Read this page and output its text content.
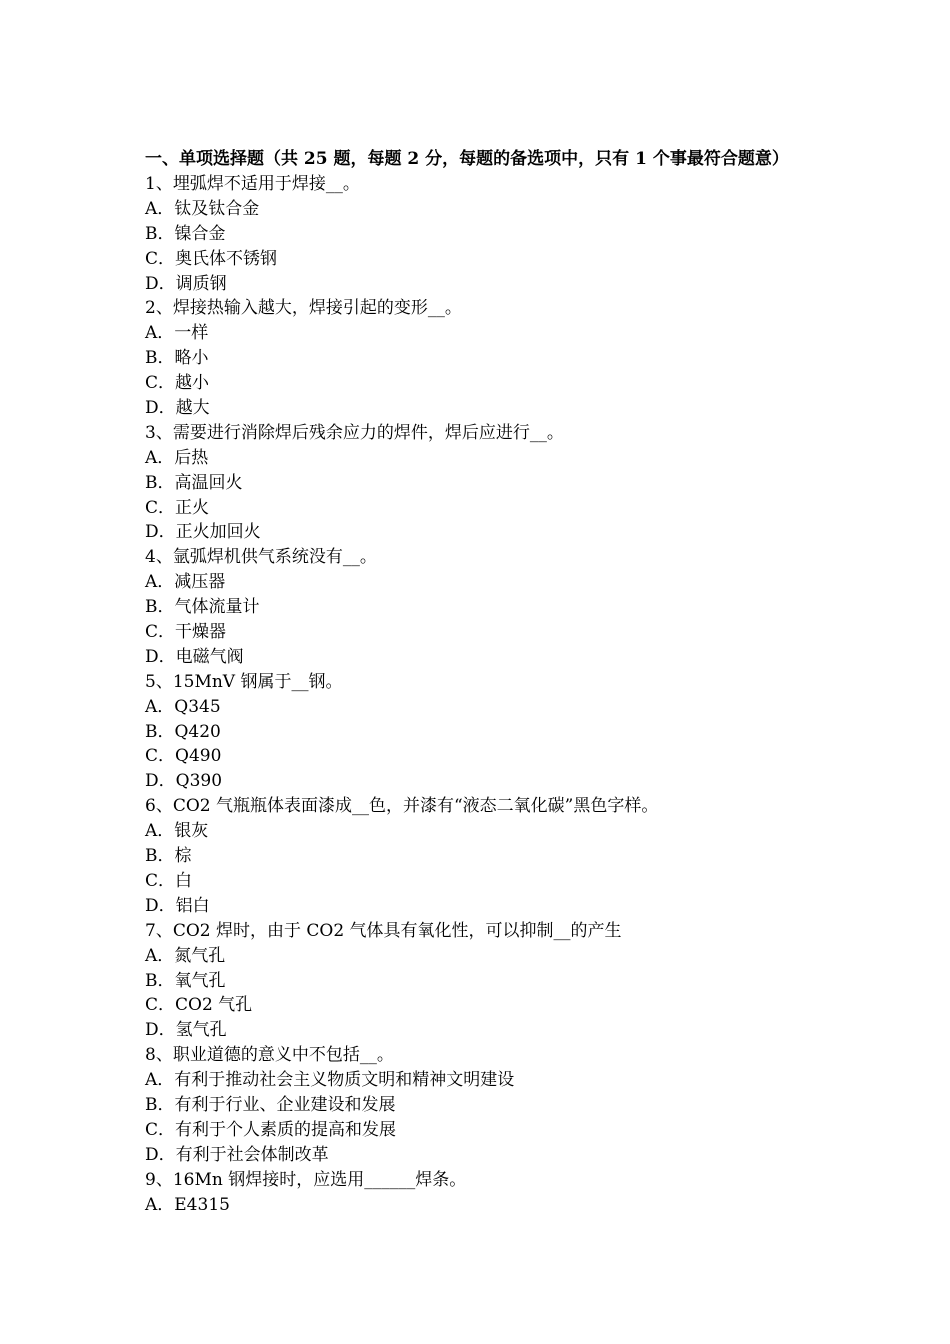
一、单项选择题（共 25 题，每题 2 分，每题的备选项中，只有 1 个事最符合题意）
1、埋弧焊不适用于焊接__。
A．钛及钛合金
B．镍合金
C．奥氏体不锈钢
D．调质钢
2、焊接热输入越大，焊接引起的变形__。
A．一样
B．略小
C．越小
D．越大
3、需要进行消除焊后残余应力的焊件，焊后应进行__。
A．后热
B．高温回火
C．正火
D．正火加回火
4、氩弧焊机供气系统没有__。
A．减压器
B．气体流量计
C．干燥器
D．电磁气阀
5、15MnV 钢属于__钢。
A．Q345
B．Q420
C．Q490
D．Q390
6、CO2 气瓶瓶体表面漆成__色，并漆有“液态二氧化碳”黑色字样。
A．银灰
B．棕
C．白
D．铝白
7、CO2 焊时，由于 CO2 气体具有氧化性，可以抑制__的产生
A．氮气孔
B．氧气孔
C．CO2 气孔
D．氢气孔
8、职业道德的意义中不包括__。
A．有利于推动社会主义物质文明和精神文明建设
B．有利于行业、企业建设和发展
C．有利于个人素质的提高和发展
D．有利于社会体制改革
9、16Mn 钢焊接时，应选用______焊条。
A．E4315
